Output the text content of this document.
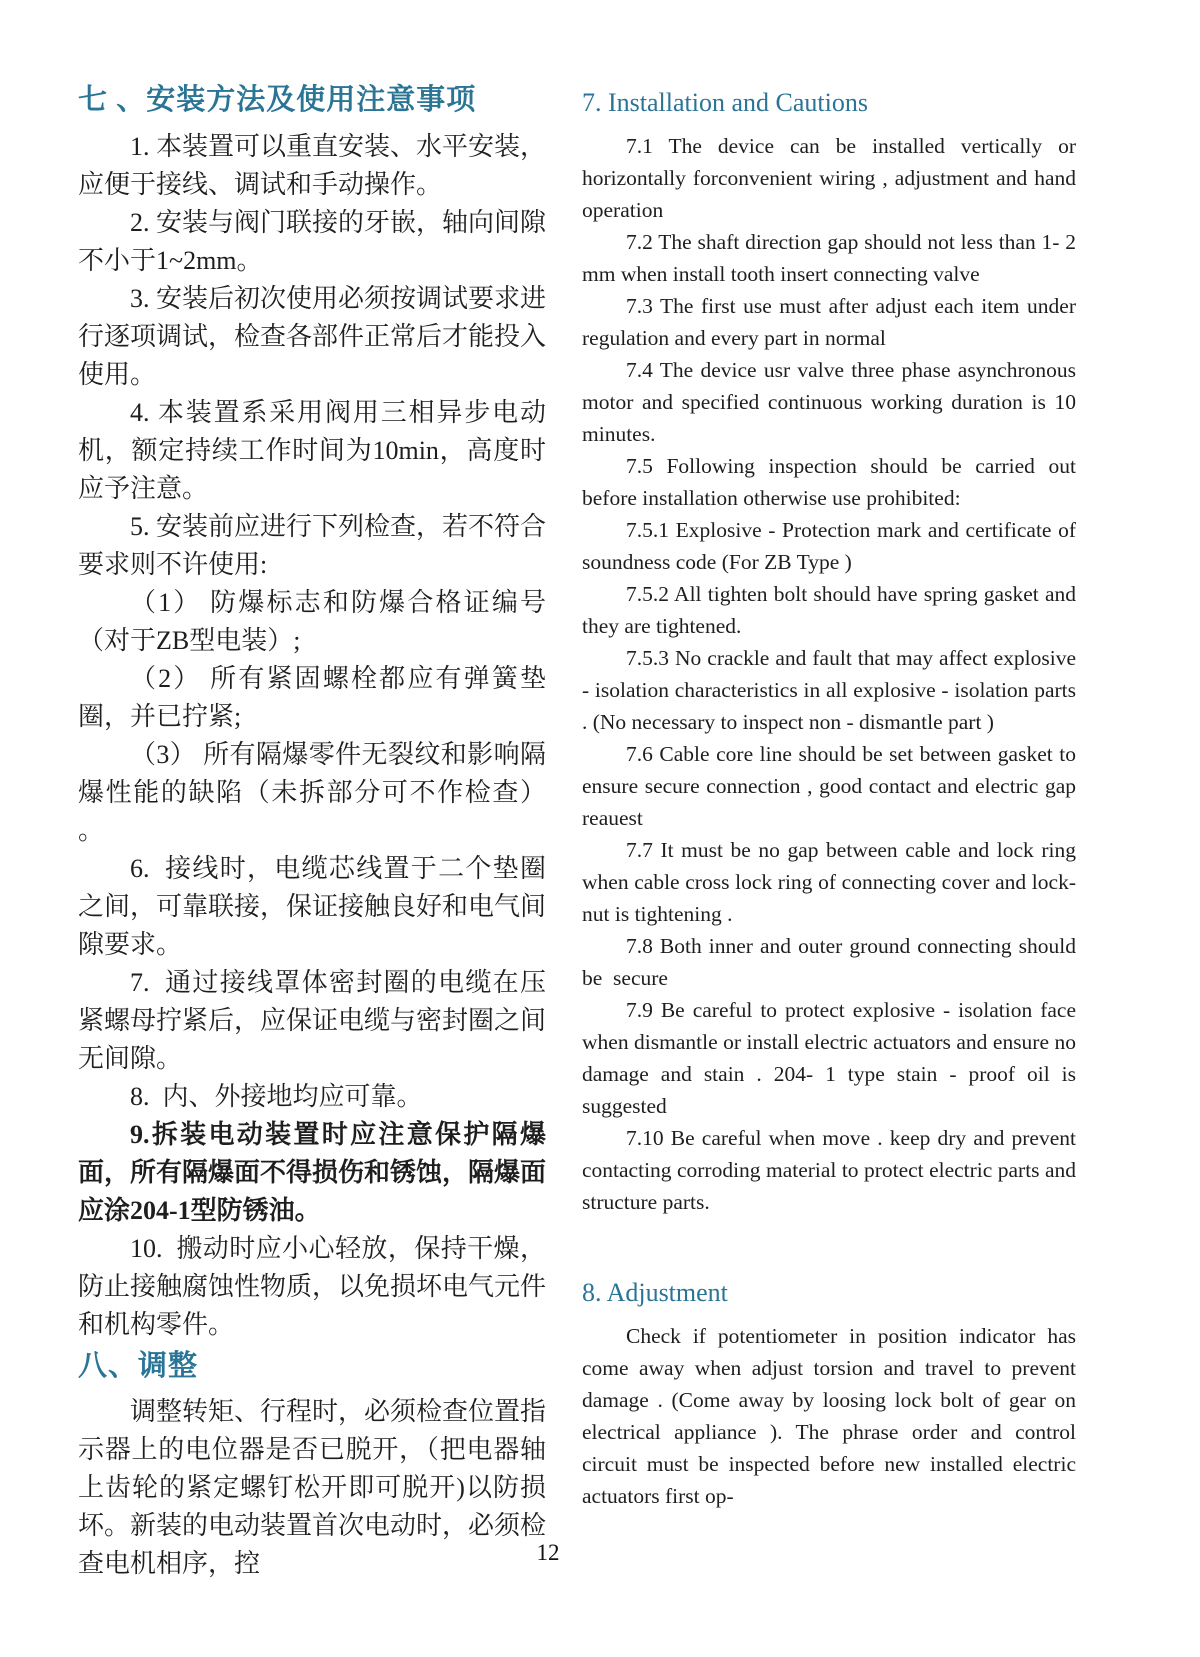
七 、安装方法及使用注意事项

1. 本装置可以重直安装、水平安装，应便于接线、调试和手动操作。

2. 安装与阀门联接的牙嵌，轴向间隙不小于1~2mm。

3. 安装后初次使用必须按调试要求进行逐项调试，检查各部件正常后才能投入使用。

4. 本装置系采用阀用三相异步电动机，额定持续工作时间为10min，高度时应予注意。

5. 安装前应进行下列检查，若不符合要求则不许使用:

（1） 防爆标志和防爆合格证编号（对于ZB型电装）;

（2） 所有紧固螺栓都应有弹簧垫圈，并已拧紧;

（3） 所有隔爆零件无裂纹和影响隔爆性能的缺陷（未拆部分可不作检查） 。

6.  接线时，电缆芯线置于二个垫圈之间，可靠联接，保证接触良好和电气间隙要求。

7.  通过接线罩体密封圈的电缆在压紧螺母拧紧后，应保证电缆与密封圈之间无间隙。

8.  内、外接地均应可靠。

9.拆装电动装置时应注意保护隔爆面，所有隔爆面不得损伤和锈蚀，隔爆面应涂204-1型防锈油。

10.  搬动时应小心轻放，保持干燥，防止接触腐蚀性物质，以免损坏电气元件和机构零件。

八、调整

调整转矩、行程时，必须检查位置指示器上的电位器是否已脱开，（把电器轴上齿轮的紧定螺钉松开即可脱开)以防损坏。新装的电动装置首次电动时，必须检查电机相序，控

7. Installation and Cautions

7.1 The device can be installed vertically or horizontally forconvenient wiring , adjustment and hand operation

7.2 The shaft direction gap should not less than 1- 2 mm when install tooth insert connecting valve

7.3 The first use must after adjust each item under regulation and every part in normal

7.4 The device usr valve three phase asynchronous motor and specified continuous working duration is 10 minutes.

7.5 Following inspection should be carried out before installation otherwise use prohibited:

7.5.1 Explosive - Protection mark and certificate of soundness code (For ZB Type )

7.5.2 All tighten bolt should have spring gasket and they are tightened.

7.5.3 No crackle and fault that may affect explosive - isolation characteristics in all explosive - isolation parts . (No necessary to inspect non - dismantle part )

7.6 Cable core line should be set between gasket to ensure secure connection , good contact and electric gap reauest

7.7 It must be no gap between cable and lock ring when cable cross lock ring of connecting cover and lock-nut is tightening .

7.8 Both inner and outer ground connecting should be  secure

7.9 Be careful to protect explosive - isolation face when dismantle or install electric actuators and ensure no damage and stain . 204- 1 type stain - proof oil is suggested

7.10 Be careful when move . keep dry and prevent contacting corroding material to protect electric parts and structure parts.

8. Adjustment

Check if potentiometer in position indicator has come away when adjust torsion and travel to prevent damage . (Come away by loosing lock bolt of gear on electrical appliance ). The phrase order and control circuit must be inspected before new installed electric actuators first op-

12
